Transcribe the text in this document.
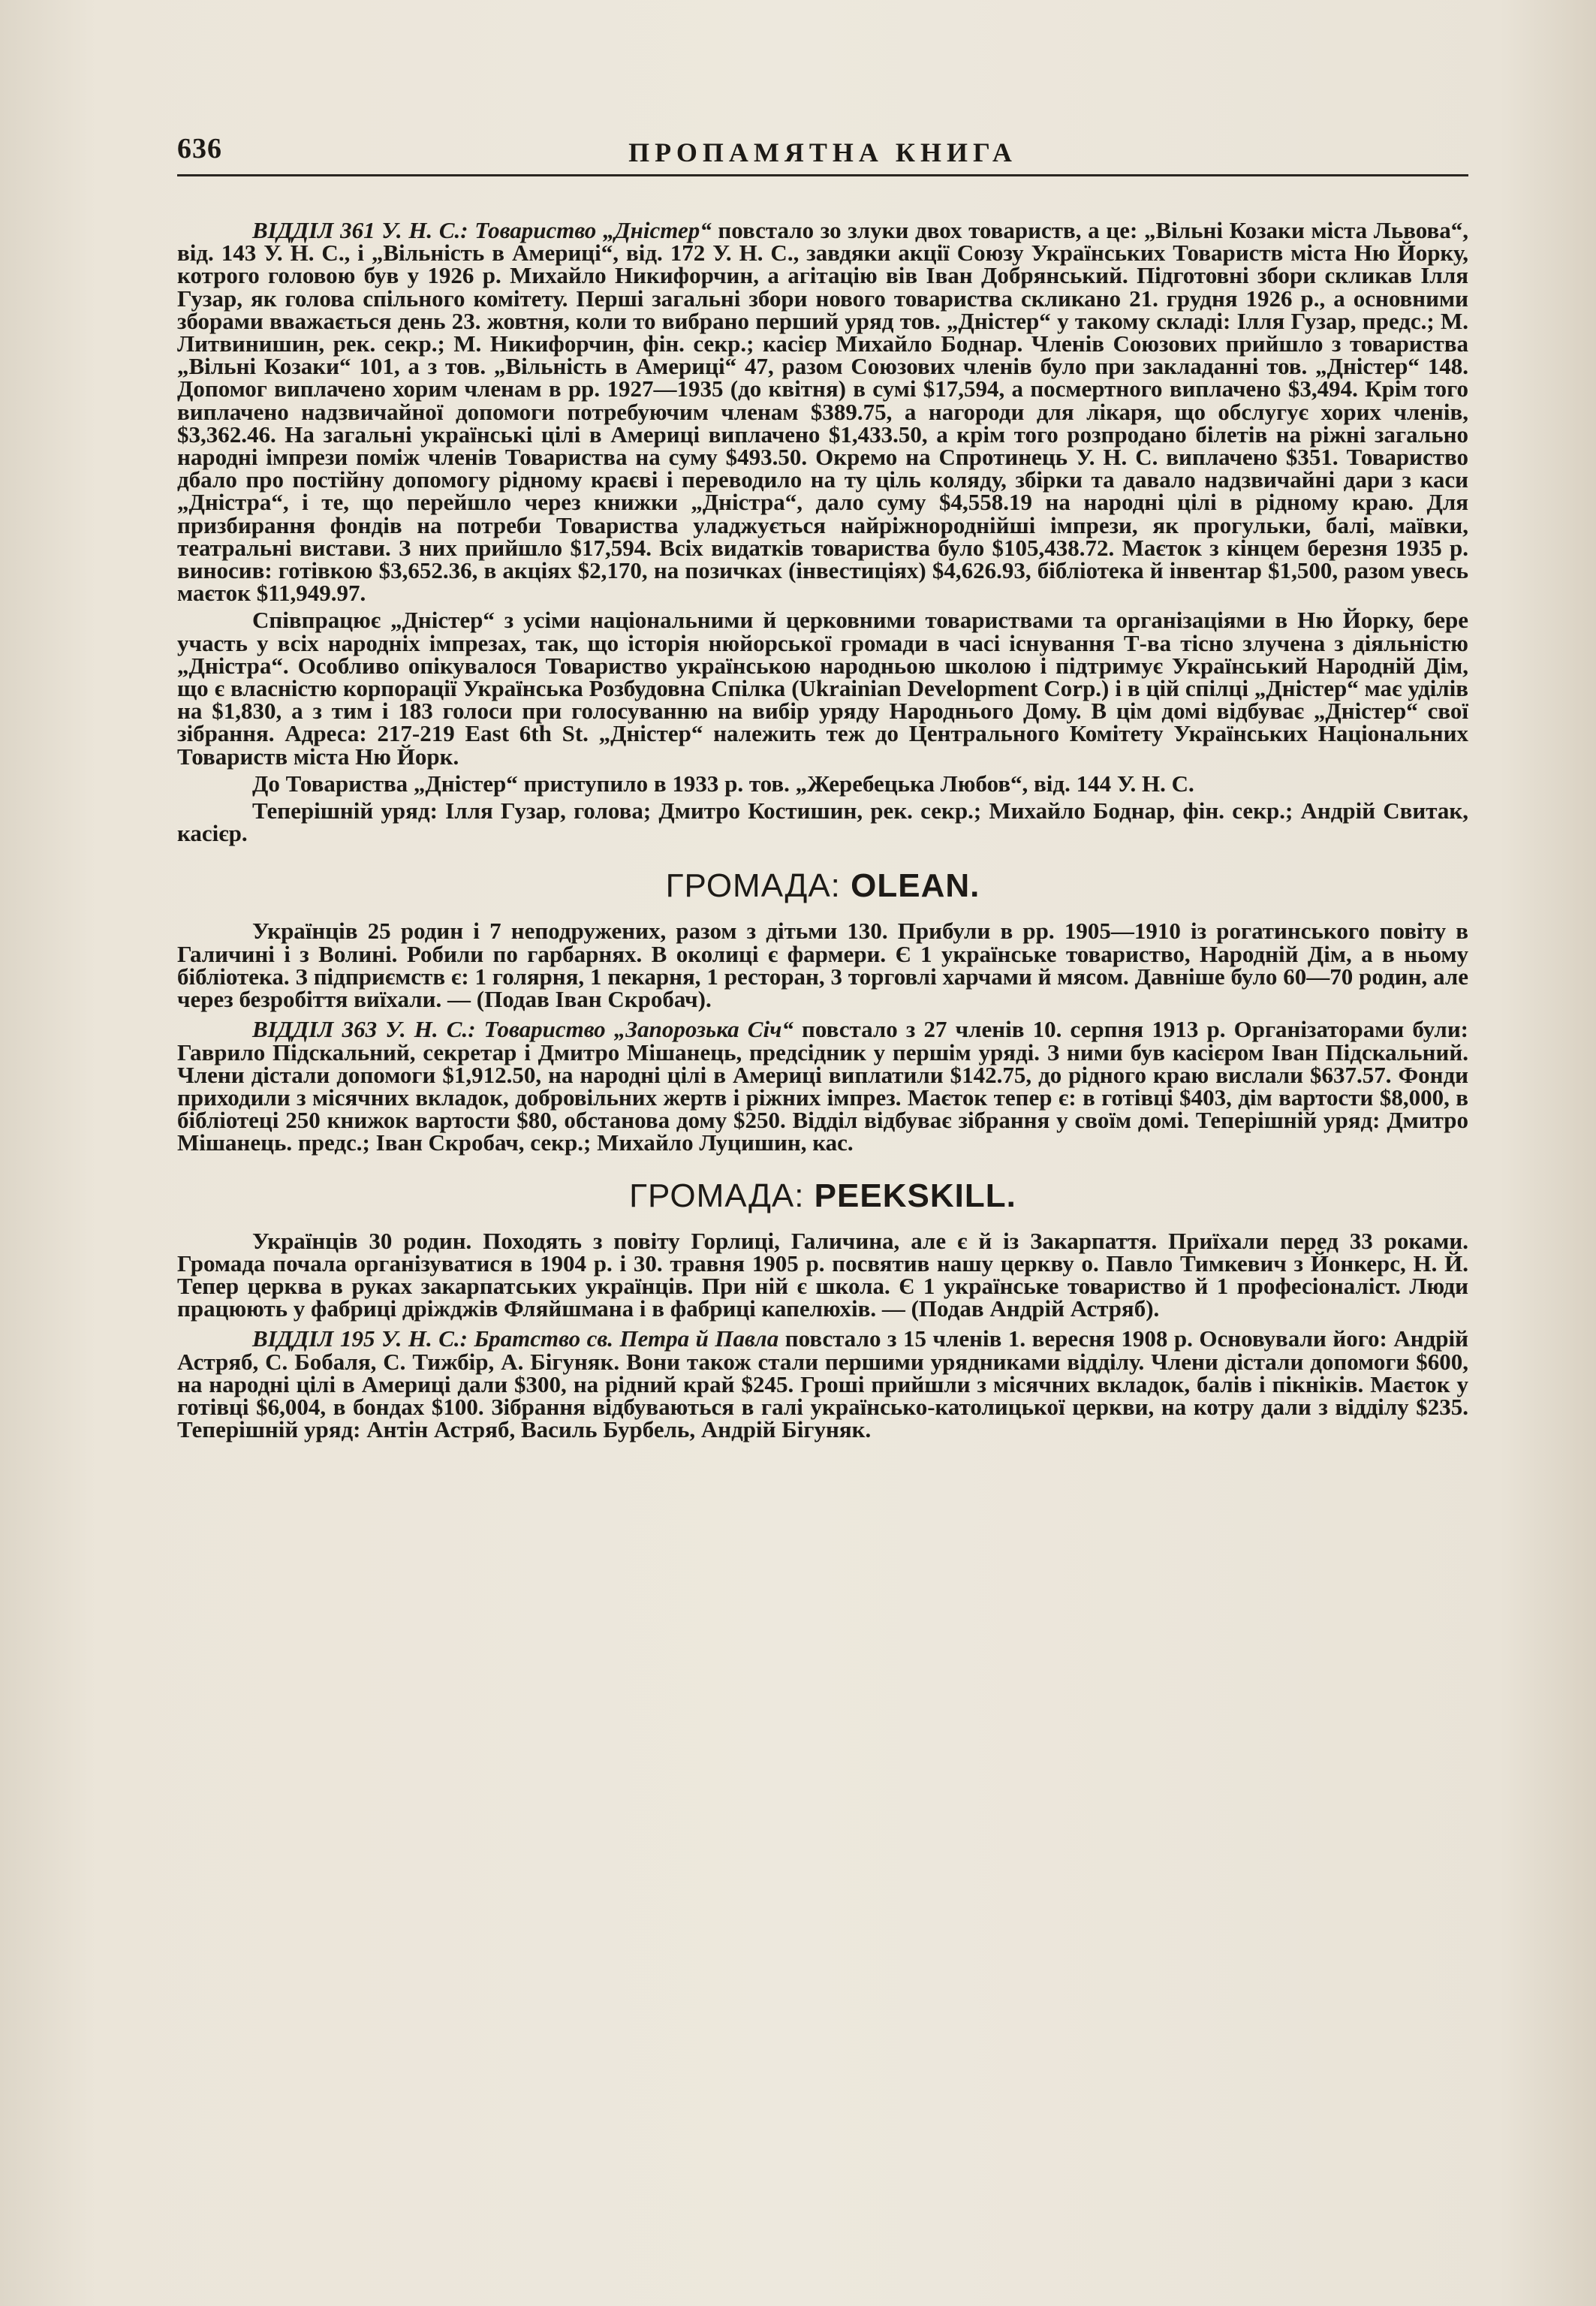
636	ПРОПАМЯТНА КНИГА

ВІДДІЛ 361 У. Н. С.: Товариство „Дністер“ повстало зо злуки двох товариств, а це: „Вільні Козаки міста Львова“, від. 143 У. Н. С., і „Вільність в Америці“, від. 172 У. Н. С., завдяки акції Союзу Українських Товариств міста Ню Йорку, котрого головою був у 1926 р. Михайло Никифорчин, а агітацію вів Іван Добрянський. Підготовні збори скликав Ілля Гузар, як голова спільного комітету. Перші загальні збори нового товариства скликано 21. грудня 1926 р., а основними зборами вважається день 23. жовтня, коли то вибрано перший уряд тов. „Дністер“ у такому складі: Ілля Гузар, предс.; М. Литвинишин, рек. секр.; М. Никифорчин, фін. секр.; касієр Михайло Боднар. Членів Союзових прийшло з товариства „Вільні Козаки“ 101, а з тов. „Вільність в Америці“ 47, разом Союзових членів було при закладанні тов. „Дністер“ 148. Допомог виплачено хорим членам в рр. 1927—1935 (до квітня) в сумі $17,594, а посмертного виплачено $3,494. Крім того виплачено надзвичайної допомоги потребуючим членам $389.75, а нагороди для лікаря, що обслугує хорих членів, $3,362.46. На загальні українські цілі в Америці виплачено $1,433.50, а крім того розпродано білетів на ріжні загально народні імпрези поміж членів Товариства на суму $493.50. Окремо на Спротинець У. Н. С. виплачено $351. Товариство дбало про постійну допомогу рідному краєві і переводило на ту ціль коляду, збірки та давало надзвичайні дари з каси „Дністра“, і те, що перейшло через книжки „Дністра“, дало суму $4,558.19 на народні цілі в рідному краю. Для призбирання фондів на потреби Товариства уладжується найріжнороднійші імпрези, як прогульки, балі, маївки, театральні вистави. З них прийшло $17,594. Всіх видатків товариства було $105,438.72. Маєток з кінцем березня 1935 р. виносив: готівкою $3,652.36, в акціях $2,170, на позичках (інвестиціях) $4,626.93, бібліотека й інвентар $1,500, разом увесь маєток $11,949.97.

Співпрацює „Дністер“ з усіми національними й церковними товариствами та організаціями в Ню Йорку, бере участь у всіх народніх імпрезах, так, що історія нюйорської громади в часі існування Т-ва тісно злучена з діяльністю „Дністра“. Особливо опікувалося Товариство українською народньою школою і підтримує Український Народній Дім, що є власністю корпорації Українська Розбудовна Спілка (Ukrainian Development Corp.) і в цій спілці „Дністер“ має уділів на $1,830, а з тим і 183 голоси при голосуванню на вибір уряду Народнього Дому. В цім домі відбуває „Дністер“ свої зібрання. Адреса: 217-219 East 6th St. „Дністер“ належить теж до Центрального Комітету Українських Національних Товариств міста Ню Йорк.

До Товариства „Дністер“ приступило в 1933 р. тов. „Жеребецька Любов“, від. 144 У. Н. С.

Теперішній уряд: Ілля Гузар, голова; Дмитро Костишин, рек. секр.; Михайло Боднар, фін. секр.; Андрій Свитак, касієр.

ГРОМАДА: OLEAN.

Українців 25 родин і 7 неподружених, разом з дітьми 130. Прибули в рр. 1905—1910 із рогатинського повіту в Галичині і з Волині. Робили по гарбарнях. В околиці є фармери. Є 1 українське товариство, Народній Дім, а в ньому бібліотека. З підприємств є: 1 голярня, 1 пекарня, 1 ресторан, 3 торговлі харчами й мясом. Давніше було 60—70 родин, але через безробіття виїхали. — (Подав Іван Скробач).

ВІДДІЛ 363 У. Н. С.: Товариство „Запорозька Січ“ повстало з 27 членів 10. серпня 1913 р. Організаторами були: Гаврило Підскальний, секретар і Дмитро Мішанець, предсідник у першім уряді. З ними був касієром Іван Підскальний. Члени дістали допомоги $1,912.50, на народні цілі в Америці виплатили $142.75, до рідного краю вислали $637.57. Фонди приходили з місячних вкладок, добровільних жертв і ріжних імпрез. Маєток тепер є: в готівці $403, дім вартости $8,000, в бібліотеці 250 книжок вартости $80, обстанова дому $250. Відділ відбуває зібрання у своїм домі. Теперішній уряд: Дмитро Мішанець. предс.; Іван Скробач, секр.; Михайло Луцишин, кас.

ГРОМАДА: PEEKSKILL.

Українців 30 родин. Походять з повіту Горлиці, Галичина, але є й із Закарпаття. Приїхали перед 33 роками. Громада почала організуватися в 1904 р. і 30. травня 1905 р. посвятив нашу церкву о. Павло Тимкевич з Йонкерс, Н. Й. Тепер церква в руках закарпатських українців. При ній є школа. Є 1 українське товариство й 1 професіоналіст. Люди працюють у фабриці дріжджів Фляйшмана і в фабриці капелюхів. — (Подав Андрій Астряб).

ВІДДІЛ 195 У. Н. С.: Братство св. Петра й Павла повстало з 15 членів 1. вересня 1908 р. Основували його: Андрій Астряб, С. Бобаля, С. Тижбір, А. Бігуняк. Вони також стали першими урядниками відділу. Члени дістали допомоги $600, на народні цілі в Америці дали $300, на рідний край $245. Гроші прийшли з місячних вкладок, балів і пікніків. Маєток у готівці $6,004, в бондах $100. Зібрання відбуваються в галі українсько-католицької церкви, на котру дали з відділу $235. Теперішній уряд: Антін Астряб, Василь Бурбель, Андрій Бігуняк.
